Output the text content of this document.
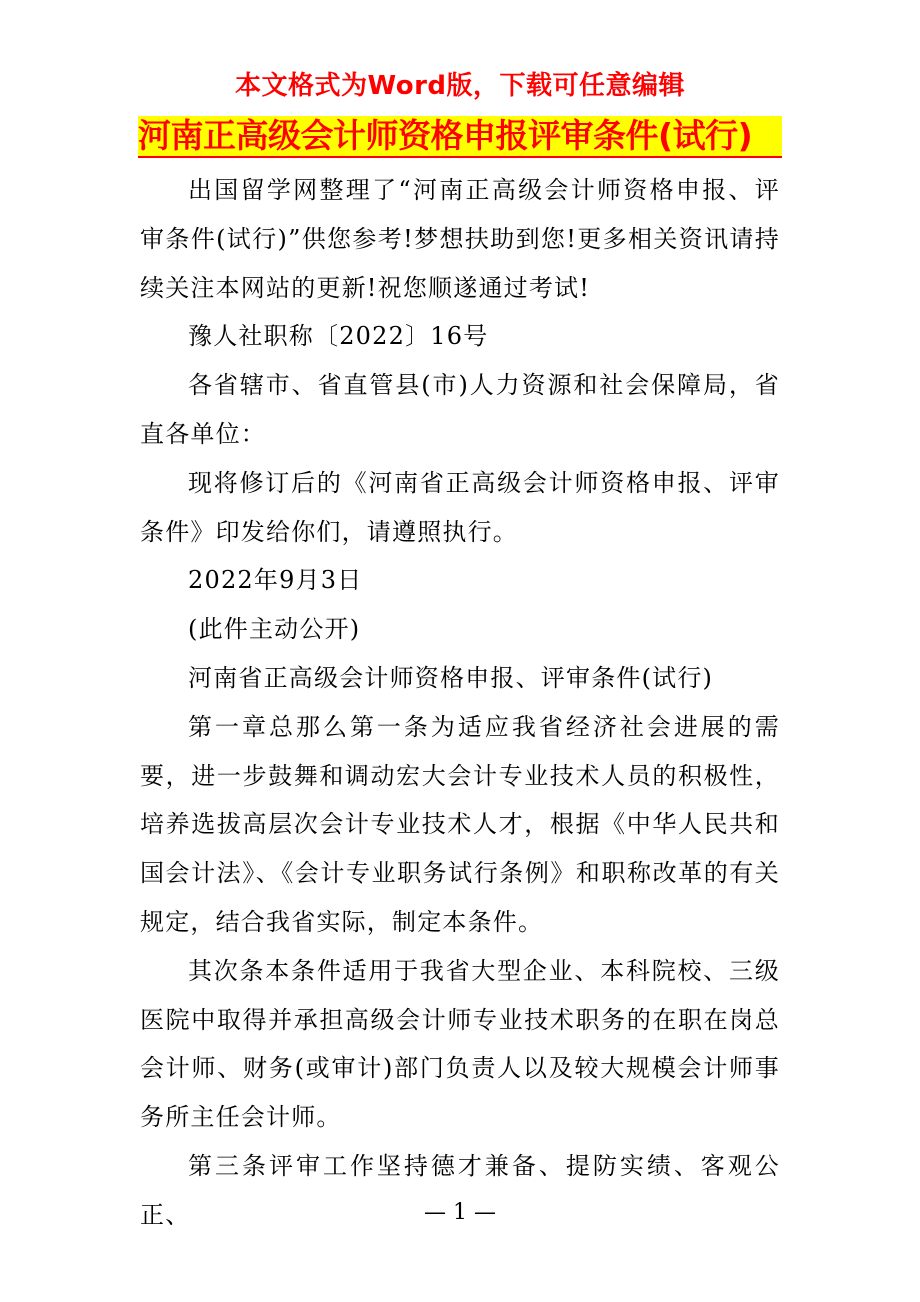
本文格式为Word版，下载可任意编辑
河南正高级会计师资格申报评审条件(试行)

出国留学网整理了“河南正高级会计师资格申报、评审条件(试行)”供您参考!梦想扶助到您!更多相关资讯请持续关注本网站的更新!祝您顺遂通过考试!

豫人社职称〔2022〕16号

各省辖市、省直管县(市)人力资源和社会保障局，省直各单位：

现将修订后的《河南省正高级会计师资格申报、评审条件》印发给你们，请遵照执行。

2022年9月3日

(此件主动公开)

河南省正高级会计师资格申报、评审条件(试行)

第一章总那么第一条为适应我省经济社会进展的需要，进一步鼓舞和调动宏大会计专业技术人员的积极性，培养选拔高层次会计专业技术人才，根据《中华人民共和国会计法》、《会计专业职务试行条例》和职称改革的有关规定，结合我省实际，制定本条件。

其次条本条件适用于我省大型企业、本科院校、三级医院中取得并承担高级会计师专业技术职务的在职在岗总会计师、财务(或审计)部门负责人以及较大规模会计师事务所主任会计师。

第三条评审工作坚持德才兼备、提防实绩、客观公正、	— 1 —
